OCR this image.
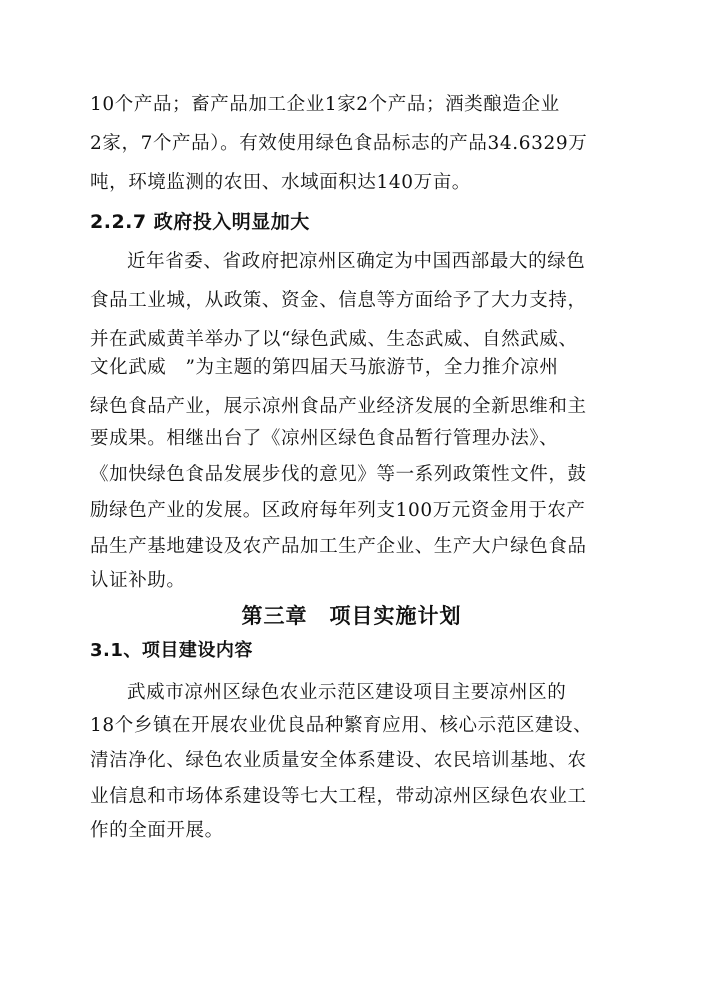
10个产品；畜产品加工企业1家2个产品；酒类酿造企业
2家，7个产品）。有效使用绿色食品标志的产品34.6329万
吨，环境监测的农田、水域面积达140万亩。
2.2.7 政府投入明显加大
近年省委、省政府把凉州区确定为中国西部最大的绿色
食品工业城，从政策、资金、信息等方面给予了大力支持，
并在武威黄羊举办了以“绿色武威、生态武威、自然武威、
文化武威　”为主题的第四届天马旅游节，全力推介凉州
绿色食品产业，展示凉州食品产业经济发展的全新思维和主
要成果。相继出台了《凉州区绿色食品暂行管理办法》、
《加快绿色食品发展步伐的意见》等一系列政策性文件，鼓
励绿色产业的发展。区政府每年列支100万元资金用于农产
品生产基地建设及农产品加工生产企业、生产大户绿色食品
认证补助。
第三章　项目实施计划
3.1、项目建设内容
武威市凉州区绿色农业示范区建设项目主要凉州区的
18个乡镇在开展农业优良品种繁育应用、核心示范区建设、
清洁净化、绿色农业质量安全体系建设、农民培训基地、农
业信息和市场体系建设等七大工程，带动凉州区绿色农业工
作的全面开展。
